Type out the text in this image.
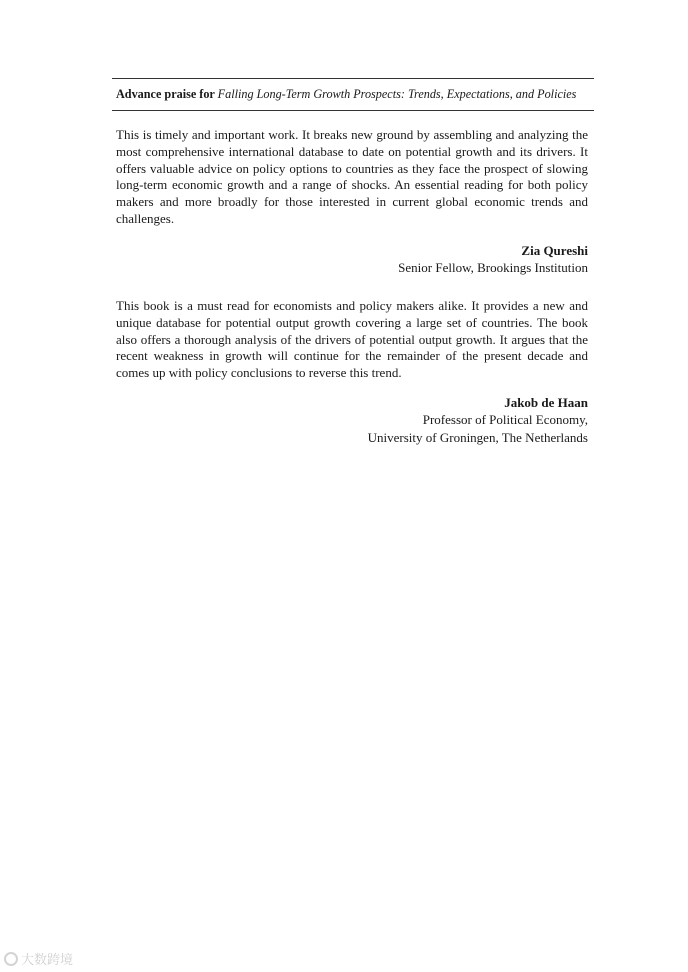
Advance praise for Falling Long-Term Growth Prospects: Trends, Expectations, and Policies

This is timely and important work. It breaks new ground by assembling and analyzing the most comprehensive international database to date on potential growth and its drivers. It offers valuable advice on policy options to countries as they face the prospect of slowing long-term economic growth and a range of shocks. An essential reading for both policy makers and more broadly for those interested in current global economic trends and challenges.

Zia Qureshi
Senior Fellow, Brookings Institution

This book is a must read for economists and policy makers alike. It provides a new and unique database for potential output growth covering a large set of countries. The book also offers a thorough analysis of the drivers of potential output growth. It argues that the recent weakness in growth will continue for the remainder of the present decade and comes up with policy conclusions to reverse this trend.

Jakob de Haan
Professor of Political Economy,
University of Groningen, The Netherlands
大数跨境
